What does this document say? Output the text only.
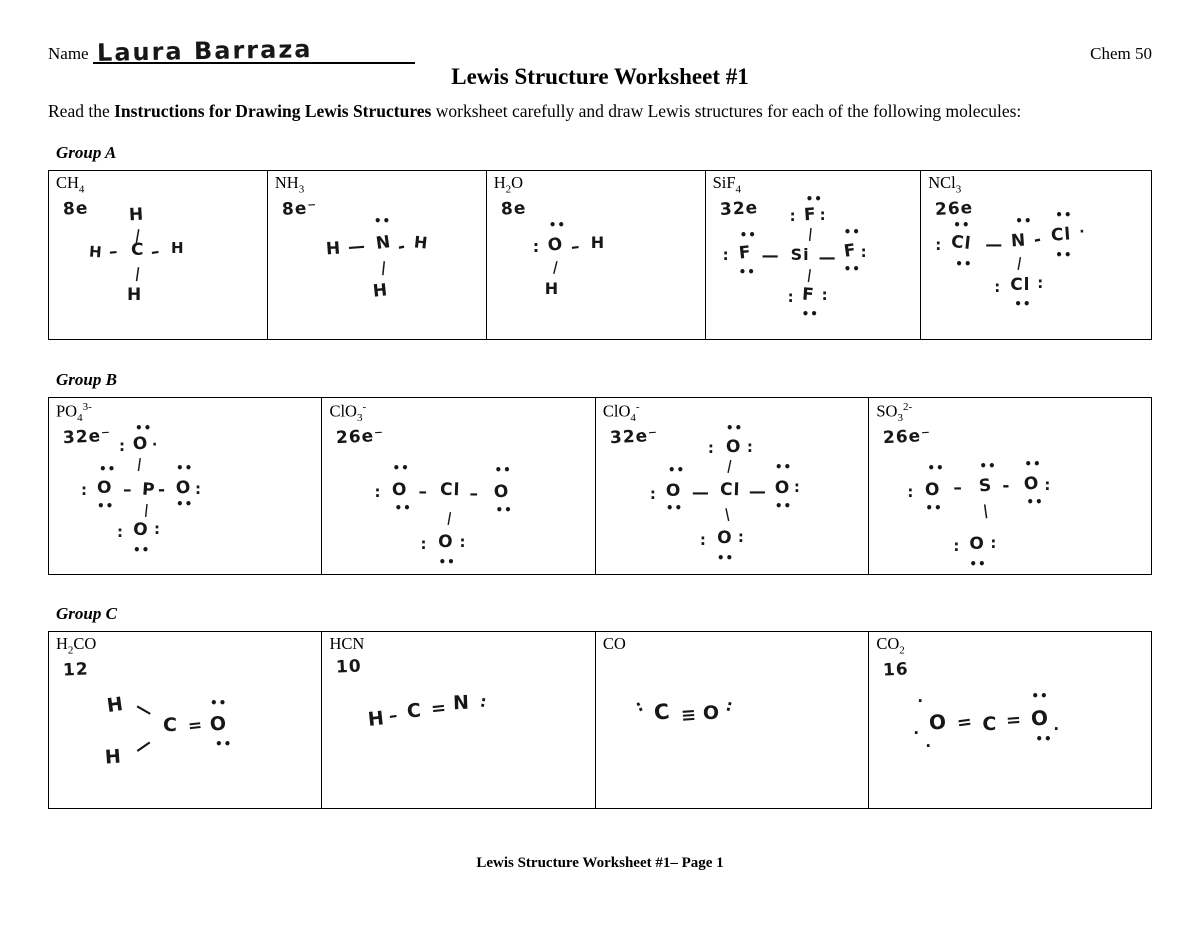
Name Laura Barraza	Chem 50
Lewis Structure Worksheet #1

Read the Instructions for Drawing Lewis Structures worksheet carefully and draw Lewis structures for each of the following molecules:

Group A
$CH_4$
8e H
|
H – C – H
|
H
$NH_3$
8e⁻
••
H — N - H
|
H
$H_2O$
8e
••
: O – H
|
H
SiF$_4$
32e	••
: F :
|
••
: F — Si — F :
••
••	••
|
: F :
••
NCl$_3$
26e
••
: Cl
••
—
••
N -
••
Cl ·
••
|
: Cl :
••
Group B
$PO_4^{3-}$
32e⁻ ••
: O ·
|
••
: O – P - O :
••
••	••
|
: O :
••
ClO$_3$-
26e⁻
:
••
O
••
– Cl – O
••
••
|
: O :
••
ClO$_4$-
32e⁻	:
••
O :
|
••
: O — Cl — O
••
:
••	••
|
: O :
••
$SO_3^{2-}$
26e⁻
:
••
O
••
–
••
S - O
••
:
••
|
: O :
••
Group C
$H_2CO$
12
H —
H —
C = O
••
••
HCN
10
H – C = N :
CO
: C ≡ O :
$CO_2$
16
·
O
·
·
= C = O
••
·
••
Lewis Structure Worksheet #1– Page 1
